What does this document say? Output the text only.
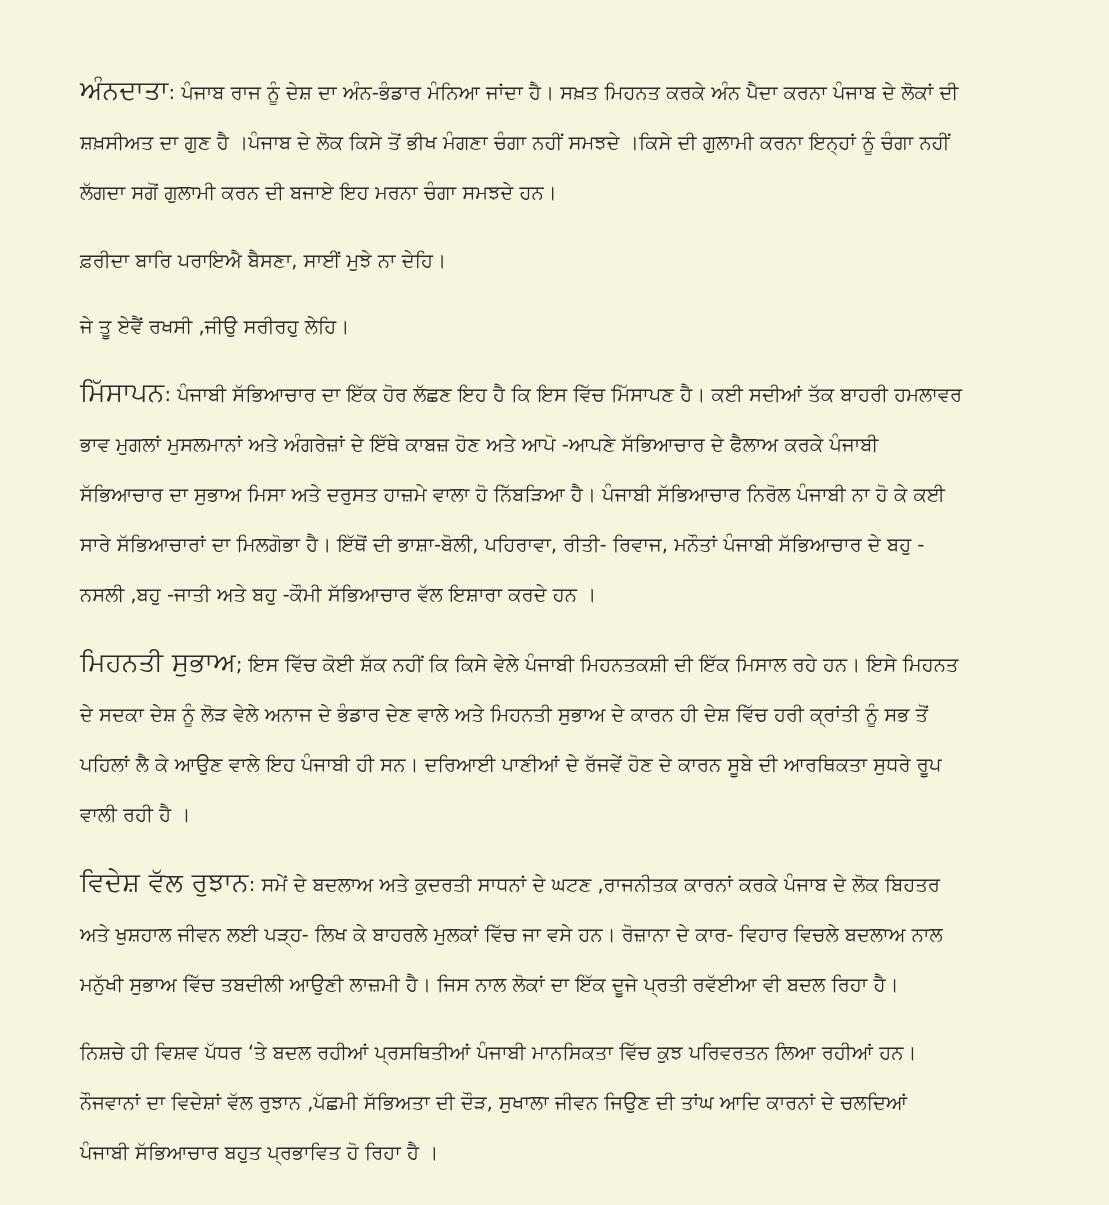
ਅੰਨਦਾਤਾ: ਪੰਜਾਬ ਰਾਜ ਨੂੰ ਦੇਸ਼ ਦਾ ਅੰਨ-ਭੰਡਾਰ ਮੰਨਿਆ ਜਾਂਦਾ ਹੈ। ਸਖ਼ਤ ਮਿਹਨਤ ਕਰਕੇ ਅੰਨ ਪੈਦਾ ਕਰਨਾ ਪੰਜਾਬ ਦੇ ਲੋਕਾਂ ਦੀ
ਸ਼ਖ਼ਸੀਅਤ ਦਾ ਗੁਣ ਹੈ ।ਪੰਜਾਬ ਦੇ ਲੋਕ ਕਿਸੇ ਤੋਂ ਭੀਖ ਮੰਗਣਾ ਚੰਗਾ ਨਹੀਂ ਸਮਝਦੇ ।ਕਿਸੇ ਦੀ ਗੁਲਾਮੀ ਕਰਨਾ ਇਨ੍ਹਾਂ ਨੂੰ ਚੰਗਾ ਨਹੀਂ
ਲੱਗਦਾ ਸਗੋਂ ਗੁਲਾਮੀ ਕਰਨ ਦੀ ਬਜਾਏ ਇਹ ਮਰਨਾ ਚੰਗਾ ਸਮਝਦੇ ਹਨ।
ਫ਼ਰੀਦਾ ਬਾਰਿ ਪਰਾਇਐ ਬੈਸਣਾ, ਸਾਈਂ ਮੁਝੇ ਨਾ ਦੇਹਿ।
ਜੇ ਤੂ ਏਵੈਂ ਰਖਸੀ ,ਜੀਉ ਸਰੀਰਹੁ ਲੇਹਿ।
ਮਿੱਸਾਪਨ: ਪੰਜਾਬੀ ਸੱਭਿਆਚਾਰ ਦਾ ਇੱਕ ਹੋਰ ਲੱਛਣ ਇਹ ਹੈ ਕਿ ਇਸ ਵਿੱਚ ਮਿੱਸਾਪਣ ਹੈ। ਕਈ ਸਦੀਆਂ ਤੱਕ ਬਾਹਰੀ ਹਮਲਾਵਰ
ਭਾਵ ਮੁਗਲਾਂ ਮੁਸਲਮਾਨਾਂ ਅਤੇ ਅੰਗਰੇਜ਼ਾਂ ਦੇ ਇੱਥੇ ਕਾਬਜ਼ ਹੋਣ ਅਤੇ ਆਪੋ -ਆਪਣੇ ਸੱਭਿਆਚਾਰ ਦੇ ਫੈਲਾਅ ਕਰਕੇ ਪੰਜਾਬੀ
ਸੱਭਿਆਚਾਰ ਦਾ ਸੁਭਾਅ ਮਿਸਾ ਅਤੇ ਦਰੁਸਤ ਹਾਜ਼ਮੇ ਵਾਲਾ ਹੋ ਨਿੱਬੜਿਆ ਹੈ। ਪੰਜਾਬੀ ਸੱਭਿਆਚਾਰ ਨਿਰੋਲ ਪੰਜਾਬੀ ਨਾ ਹੋ ਕੇ ਕਈ
ਸਾਰੇ ਸੱਭਿਆਚਾਰਾਂ ਦਾ ਮਿਲਗੋਭਾ ਹੈ। ਇੱਥੋਂ ਦੀ ਭਾਸ਼ਾ-ਬੋਲੀ, ਪਹਿਰਾਵਾ, ਰੀਤੀ- ਰਿਵਾਜ, ਮਨੌਤਾਂ ਪੰਜਾਬੀ ਸੱਭਿਆਚਾਰ ਦੇ ਬਹੁ -
ਨਸਲੀ ,ਬਹੁ -ਜਾਤੀ ਅਤੇ ਬਹੁ -ਕੌਮੀ ਸੱਭਿਆਚਾਰ ਵੱਲ ਇਸ਼ਾਰਾ ਕਰਦੇ ਹਨ ।
ਮਿਹਨਤੀ ਸੁਭਾਅ; ਇਸ ਵਿੱਚ ਕੋਈ ਸ਼ੱਕ ਨਹੀਂ ਕਿ ਕਿਸੇ ਵੇਲੇ ਪੰਜਾਬੀ ਮਿਹਨਤਕਸ਼ੀ ਦੀ ਇੱਕ ਮਿਸਾਲ ਰਹੇ ਹਨ। ਇਸੇ ਮਿਹਨਤ
ਦੇ ਸਦਕਾ ਦੇਸ਼ ਨੂੰ ਲੋੜ ਵੇਲੇ ਅਨਾਜ ਦੇ ਭੰਡਾਰ ਦੇਣ ਵਾਲੇ ਅਤੇ ਮਿਹਨਤੀ ਸੁਭਾਅ ਦੇ ਕਾਰਨ ਹੀ ਦੇਸ਼ ਵਿੱਚ ਹਰੀ ਕ੍ਰਾਂਤੀ ਨੂੰ ਸਭ ਤੋਂ
ਪਹਿਲਾਂ ਲੈ ਕੇ ਆਉਣ ਵਾਲੇ ਇਹ ਪੰਜਾਬੀ ਹੀ ਸਨ। ਦਰਿਆਈ ਪਾਣੀਆਂ ਦੇ ਰੱਜਵੇਂ ਹੋਣ ਦੇ ਕਾਰਨ ਸੂਬੇ ਦੀ ਆਰਥਿਕਤਾ ਸੁਧਰੇ ਰੂਪ
ਵਾਲੀ ਰਹੀ ਹੈ ।
ਵਿਦੇਸ਼ ਵੱਲ ਰੁਝਾਨ: ਸਮੇਂ ਦੇ ਬਦਲਾਅ ਅਤੇ ਕੁਦਰਤੀ ਸਾਧਨਾਂ ਦੇ ਘਟਣ ,ਰਾਜਨੀਤਕ ਕਾਰਨਾਂ ਕਰਕੇ ਪੰਜਾਬ ਦੇ ਲੋਕ ਬਿਹਤਰ
ਅਤੇ ਖੁਸ਼ਹਾਲ ਜੀਵਨ ਲਈ ਪੜ੍ਹ- ਲਿਖ ਕੇ ਬਾਹਰਲੇ ਮੁਲਕਾਂ ਵਿੱਚ ਜਾ ਵਸੇ ਹਨ। ਰੋਜ਼ਾਨਾ ਦੇ ਕਾਰ- ਵਿਹਾਰ ਵਿਚਲੇ ਬਦਲਾਅ ਨਾਲ
ਮਨੁੱਖੀ ਸੁਭਾਅ ਵਿੱਚ ਤਬਦੀਲੀ ਆਉਣੀ ਲਾਜ਼ਮੀ ਹੈ। ਜਿਸ ਨਾਲ ਲੋਕਾਂ ਦਾ ਇੱਕ ਦੂਜੇ ਪ੍ਰਤੀ ਰਵੱਈਆ ਵੀ ਬਦਲ ਰਿਹਾ ਹੈ।
ਨਿਸ਼ਚੇ ਹੀ ਵਿਸ਼ਵ ਪੱਧਰ ‘ਤੇ ਬਦਲ ਰਹੀਆਂ ਪ੍ਰਸਥਿਤੀਆਂ ਪੰਜਾਬੀ ਮਾਨਸਿਕਤਾ ਵਿੱਚ ਕੁਝ ਪਰਿਵਰਤਨ ਲਿਆ ਰਹੀਆਂ ਹਨ।
ਨੌਜਵਾਨਾਂ ਦਾ ਵਿਦੇਸ਼ਾਂ ਵੱਲ ਰੁਝਾਨ ,ਪੱਛਮੀ ਸੱਭਿਅਤਾ ਦੀ ਦੌੜ, ਸੁਖਾਲਾ ਜੀਵਨ ਜਿਉਣ ਦੀ ਤਾਂਘ ਆਦਿ ਕਾਰਨਾਂ ਦੇ ਚਲਦਿਆਂ
ਪੰਜਾਬੀ ਸੱਭਿਆਚਾਰ ਬਹੁਤ ਪ੍ਰਭਾਵਿਤ ਹੋ ਰਿਹਾ ਹੈ ।
